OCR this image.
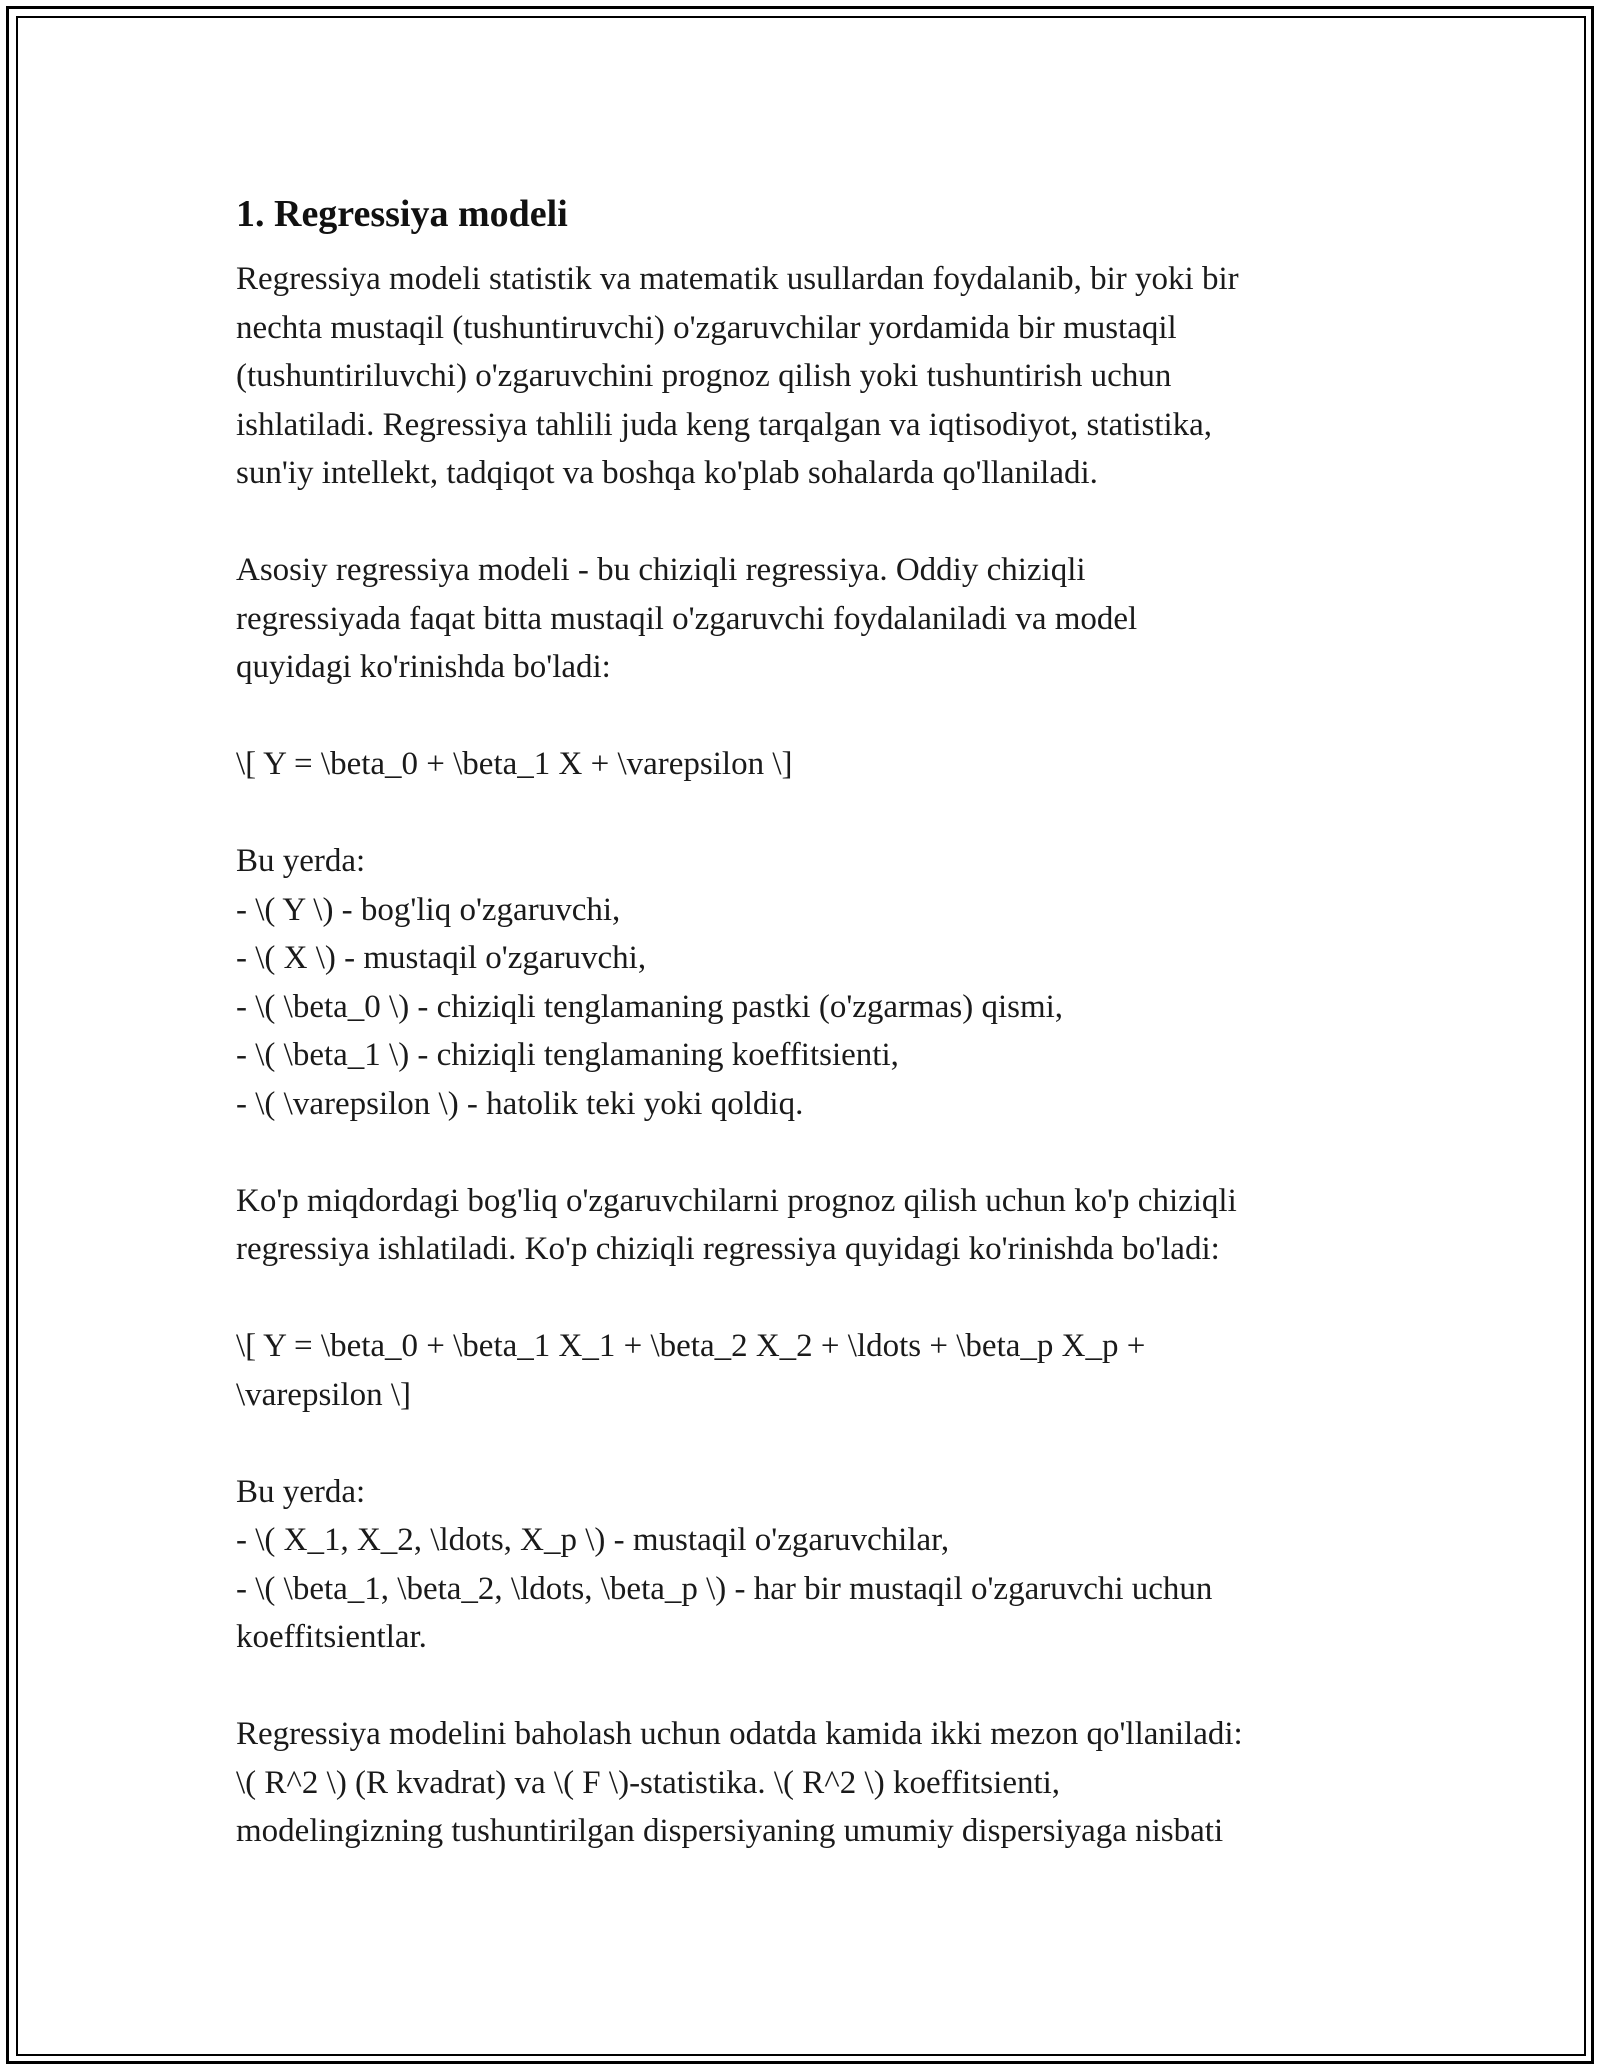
1. Regressiya modeli
Regressiya modeli statistik va matematik usullardan foydalanib, bir yoki bir
nechta mustaqil (tushuntiruvchi) o'zgaruvchilar yordamida bir mustaqil
(tushuntiriluvchi) o'zgaruvchini prognoz qilish yoki tushuntirish uchun
ishlatiladi. Regressiya tahlili juda keng tarqalgan va iqtisodiyot, statistika,
sun'iy intellekt, tadqiqot va boshqa ko'plab sohalarda qo'llaniladi.
Asosiy regressiya modeli - bu chiziqli regressiya. Oddiy chiziqli
regressiyada faqat bitta mustaqil o'zgaruvchi foydalaniladi va model
quyidagi ko'rinishda bo'ladi:
\[ Y = \beta_0 + \beta_1 X + \varepsilon \]
Bu yerda:
- \( Y \) - bog'liq o'zgaruvchi,
- \( X \) - mustaqil o'zgaruvchi,
- \( \beta_0 \) - chiziqli tenglamaning pastki (o'zgarmas) qismi,
- \( \beta_1 \) - chiziqli tenglamaning koeffitsienti,
- \( \varepsilon \) - hatolik teki yoki qoldiq.
Ko'p miqdordagi bog'liq o'zgaruvchilarni prognoz qilish uchun ko'p chiziqli
regressiya ishlatiladi. Ko'p chiziqli regressiya quyidagi ko'rinishda bo'ladi:
\[ Y = \beta_0 + \beta_1 X_1 + \beta_2 X_2 + \ldots + \beta_p X_p +
\varepsilon \]
Bu yerda:
- \( X_1, X_2, \ldots, X_p \) - mustaqil o'zgaruvchilar,
- \( \beta_1, \beta_2, \ldots, \beta_p \) - har bir mustaqil o'zgaruvchi uchun
koeffitsientlar.
Regressiya modelini baholash uchun odatda kamida ikki mezon qo'llaniladi:
\( R^2 \) (R kvadrat) va \( F \)-statistika. \( R^2 \) koeffitsienti,
modelingizning tushuntirilgan dispersiyaning umumiy dispersiyaga nisbati
